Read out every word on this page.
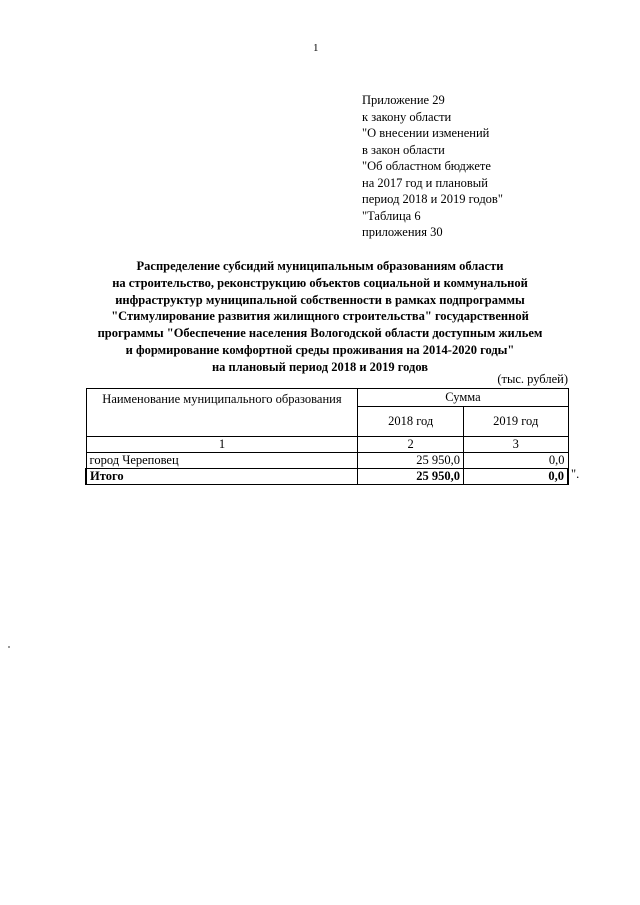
1
Приложение 29
к закону области
"О внесении изменений
в закон области
"Об областном бюджете
на 2017 год и плановый
период 2018 и 2019 годов"
"Таблица 6
приложения 30
Распределение субсидий муниципальным образованиям области
на строительство, реконструкцию объектов социальной и коммунальной
инфраструктур муниципальной собственности в рамках подпрограммы
"Стимулирование развития жилищного строительства" государственной
программы "Обеспечение населения Вологодской области доступным жильем
и формирование комфортной среды проживания на 2014-2020 годы"
на плановый период 2018 и 2019 годов
(тыс. рублей)
Наименование муниципального образования	Сумма	
	2018 год	2019 год
1	2	3
город Череповец	25 950,0	0,0
Итого	25 950,0	0,0 ".
